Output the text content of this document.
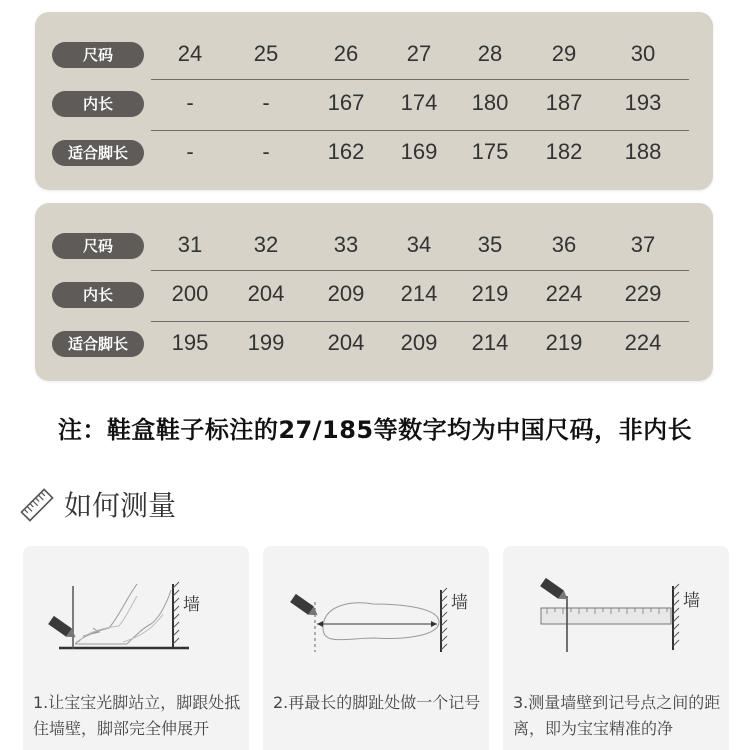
尺码	24	25	26	27	28	29	30
内长	-	-	167	174	180	187	193
适合脚长	-	-	162	169	175	182	188
尺码	31	32	33	34	35	36	37
内长	200	204	209	214	219	224	229
适合脚长	195	199	204	209	214	219	224
注：鞋盒鞋子标注的27/185等数字均为中国尺码，非内长
如何测量
墙
1.让宝宝光脚站立，脚跟处抵住墙壁，脚部完全伸展开
墙
2.再最长的脚趾处做一个记号
墙
3.测量墙壁到记号点之间的距离，即为宝宝精准的净
